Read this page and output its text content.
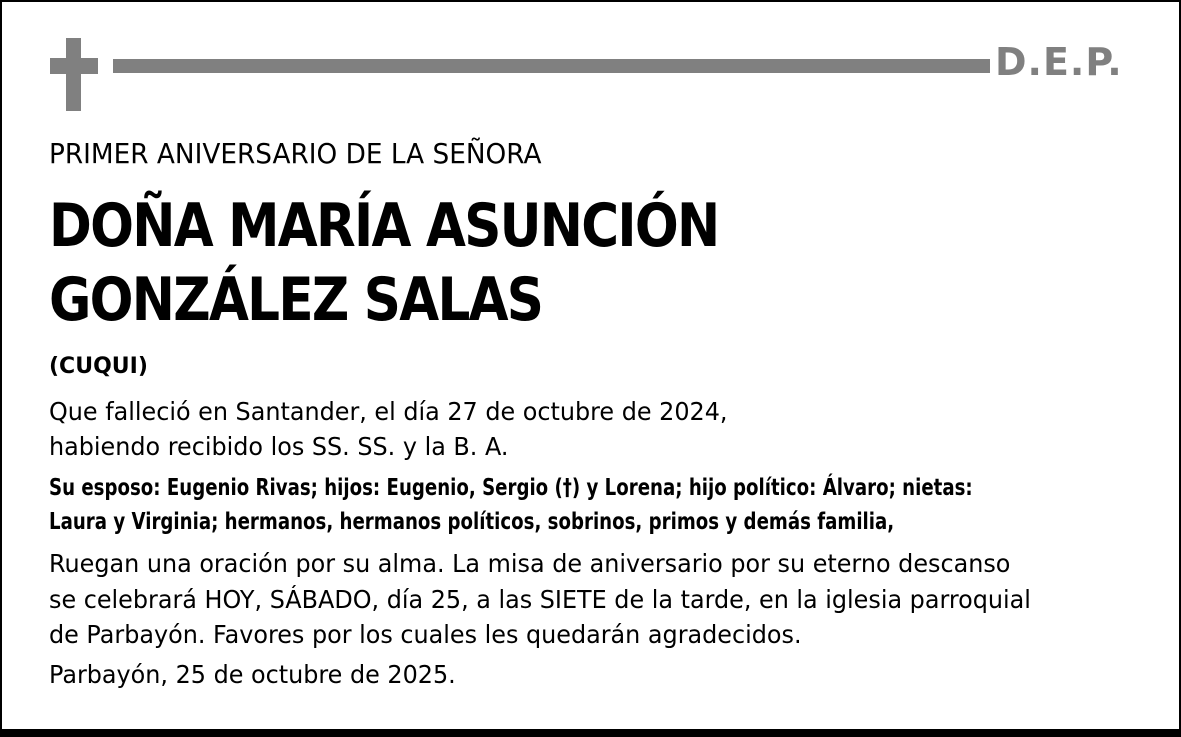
D.E.P.
PRIMER ANIVERSARIO DE LA SEÑORA
DOÑA MARÍA ASUNCIÓN
GONZÁLEZ SALAS
(CUQUI)
Que falleció en Santander, el día 27 de octubre de 2024,
habiendo recibido los SS. SS. y la B. A.
Su esposo: Eugenio Rivas; hijos: Eugenio, Sergio (†) y Lorena; hijo político: Álvaro; nietas:
Laura y Virginia; hermanos, hermanos políticos, sobrinos, primos y demás familia,
Ruegan una oración por su alma. La misa de aniversario por su eterno descanso
se celebrará HOY, SÁBADO, día 25, a las SIETE de la tarde, en la iglesia parroquial
de Parbayón. Favores por los cuales les quedarán agradecidos.
Parbayón, 25 de octubre de 2025.
